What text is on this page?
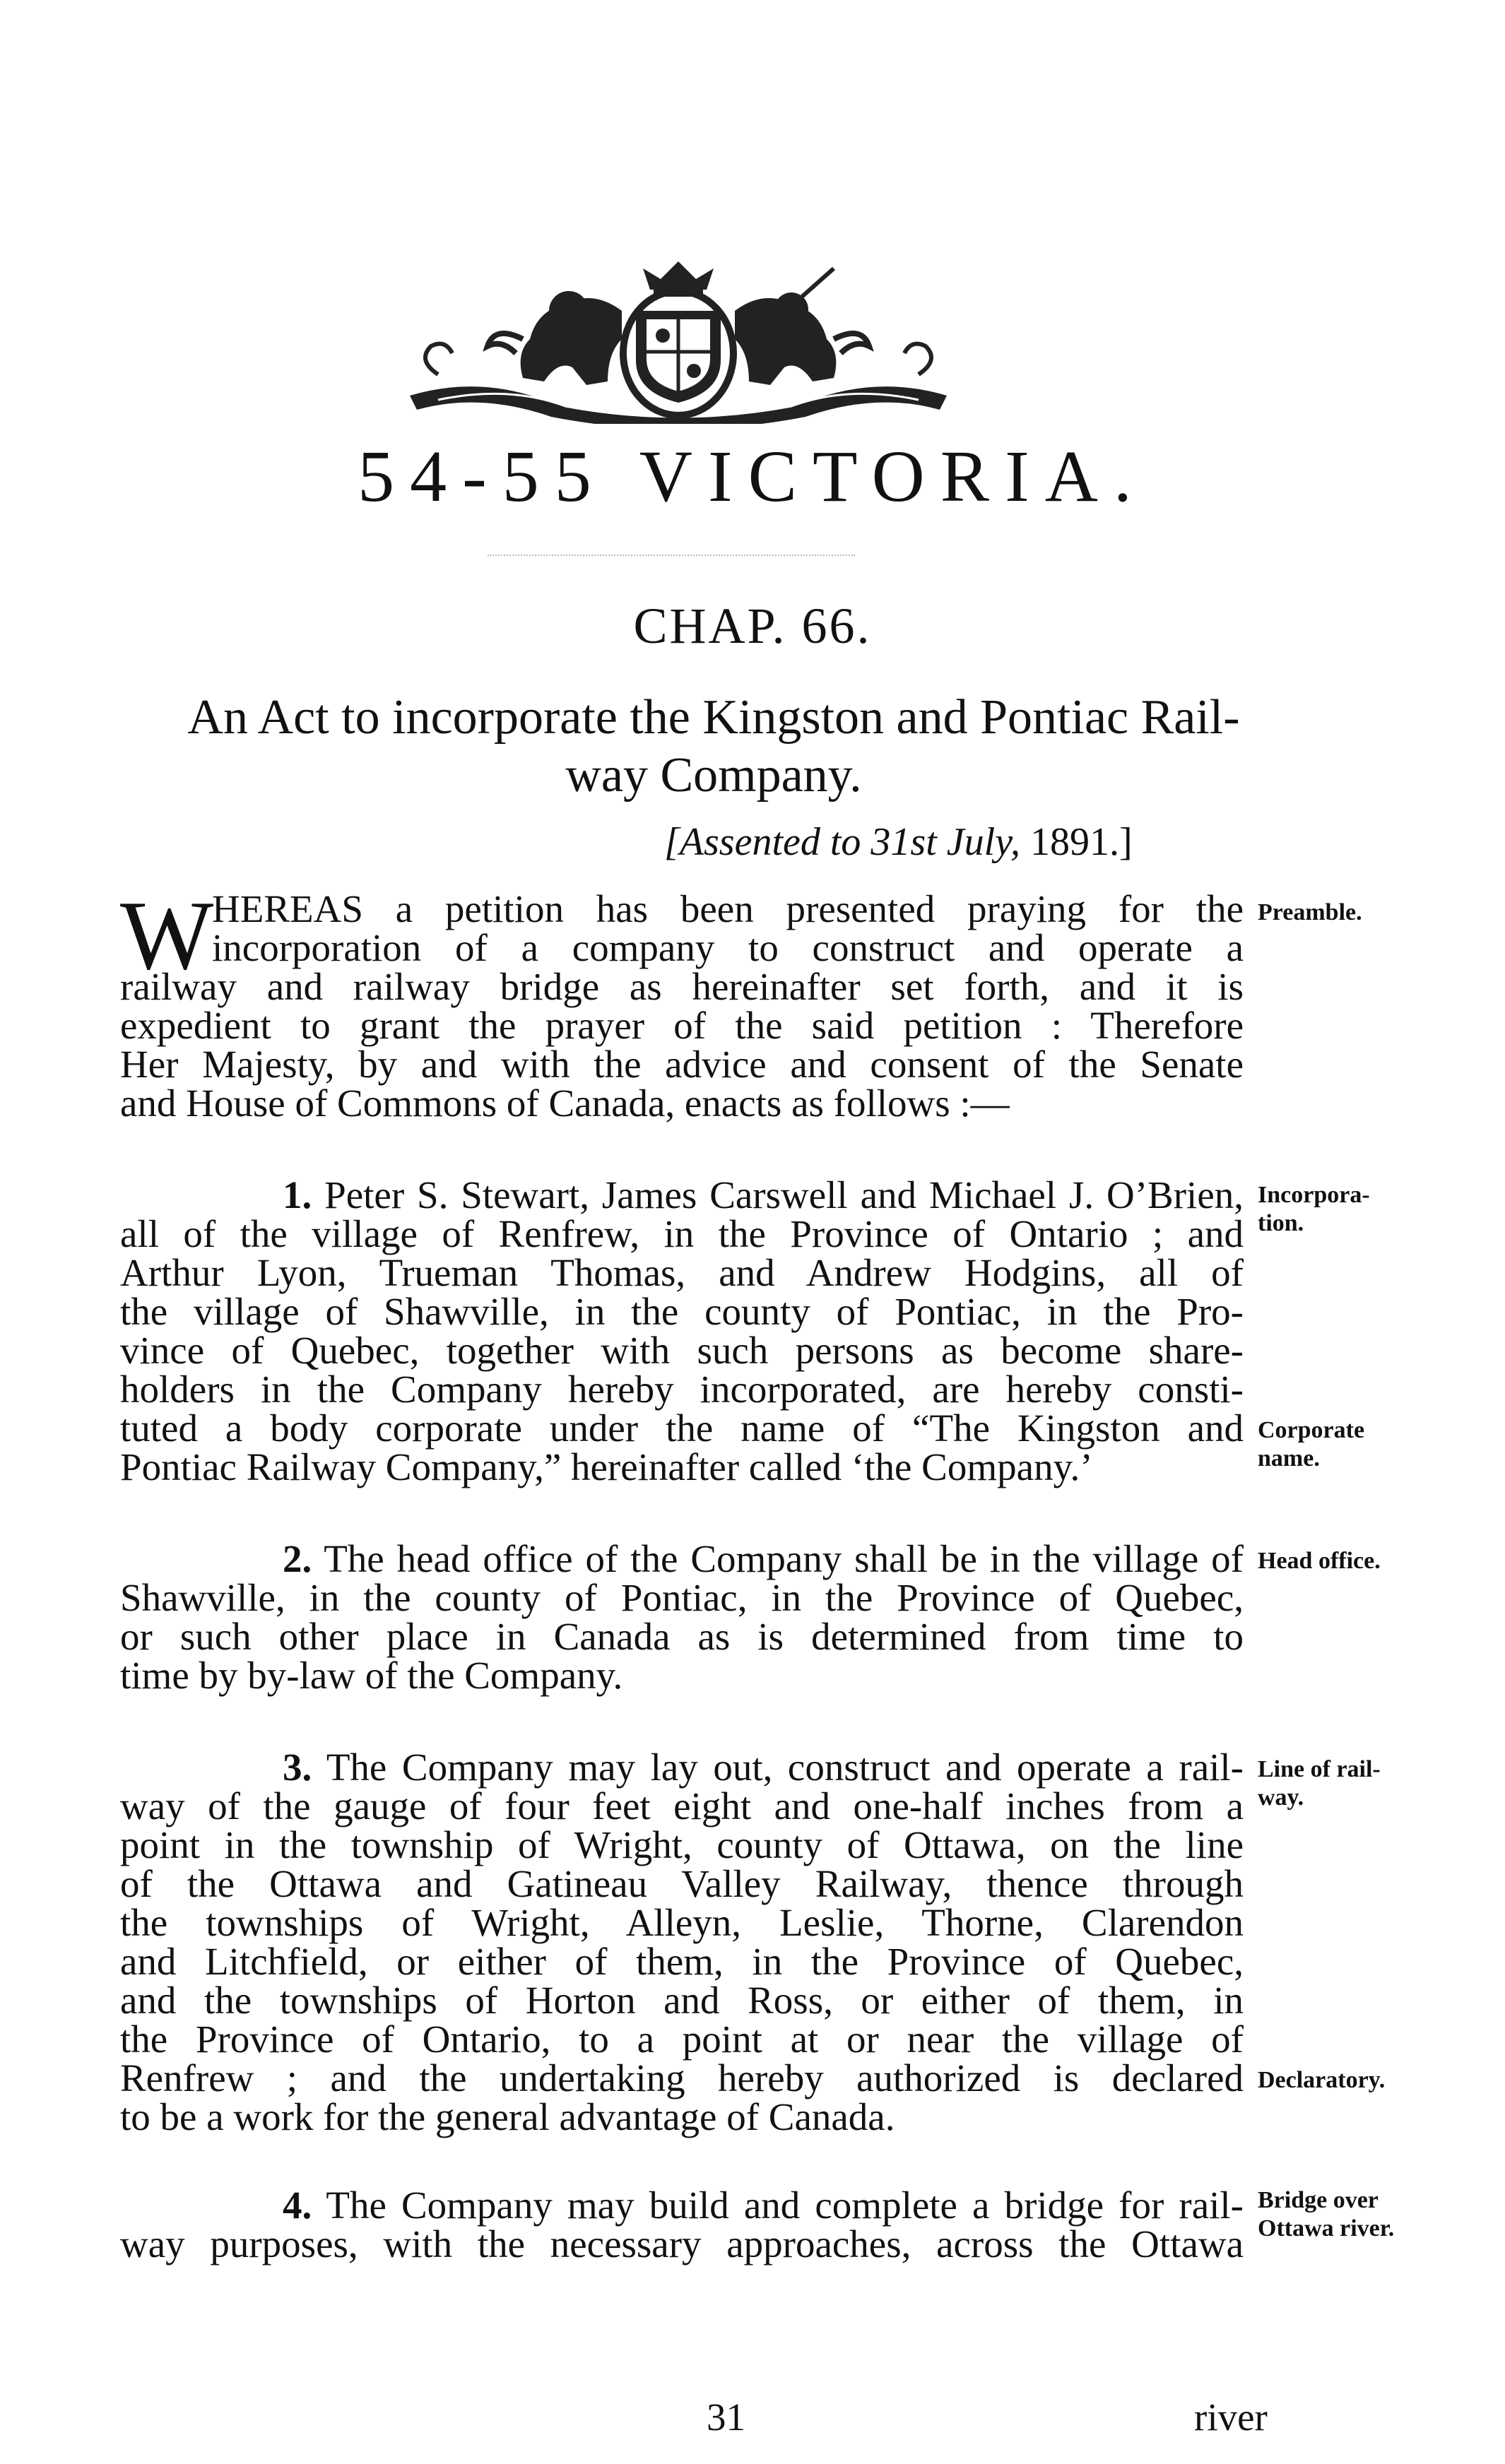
54-55 VICTORIA.
CHAP. 66.
An Act to incorporate the Kingston and Pontiac Rail-
way Company.
[Assented to 31st July, 1891.]
W
HEREAS a petition has been presented praying for the
incorporation of a company to construct and operate a
railway and railway bridge as hereinafter set forth, and it is
expedient to grant the prayer of the said petition : Therefore
Her Majesty, by and with the advice and consent of the Senate
and House of Commons of Canada, enacts as follows :—
1. Peter S. Stewart, James Carswell and Michael J. O’Brien,
all of the village of Renfrew, in the Province of Ontario ; and
Arthur Lyon, Trueman Thomas, and Andrew Hodgins, all of
the village of Shawville, in the county of Pontiac, in the Pro-
vince of Quebec, together with such persons as become share-
holders in the Company hereby incorporated, are hereby consti-
tuted a body corporate under the name of “The Kingston and
Pontiac Railway Company,” hereinafter called ‘the Company.’
2. The head office of the Company shall be in the village of
Shawville, in the county of Pontiac, in the Province of Quebec,
or such other place in Canada as is determined from time to
time by by-law of the Company.
3. The Company may lay out, construct and operate a rail-
way of the gauge of four feet eight and one-half inches from a
point in the township of Wright, county of Ottawa, on the line
of the Ottawa and Gatineau Valley Railway, thence through
the townships of Wright, Alleyn, Leslie, Thorne, Clarendon
and Litchfield, or either of them, in the Province of Quebec,
and the townships of Horton and Ross, or either of them, in
the Province of Ontario, to a point at or near the village of
Renfrew ; and the undertaking hereby authorized is declared
to be a work for the general advantage of Canada.
4. The Company may build and complete a bridge for rail-
way purposes, with the necessary approaches, across the Ottawa
Preamble.
Incorpora-
tion.
Corporate
name.
Head office.
Line of rail-
way.
Declaratory.
Bridge over
Ottawa river.
31	river
